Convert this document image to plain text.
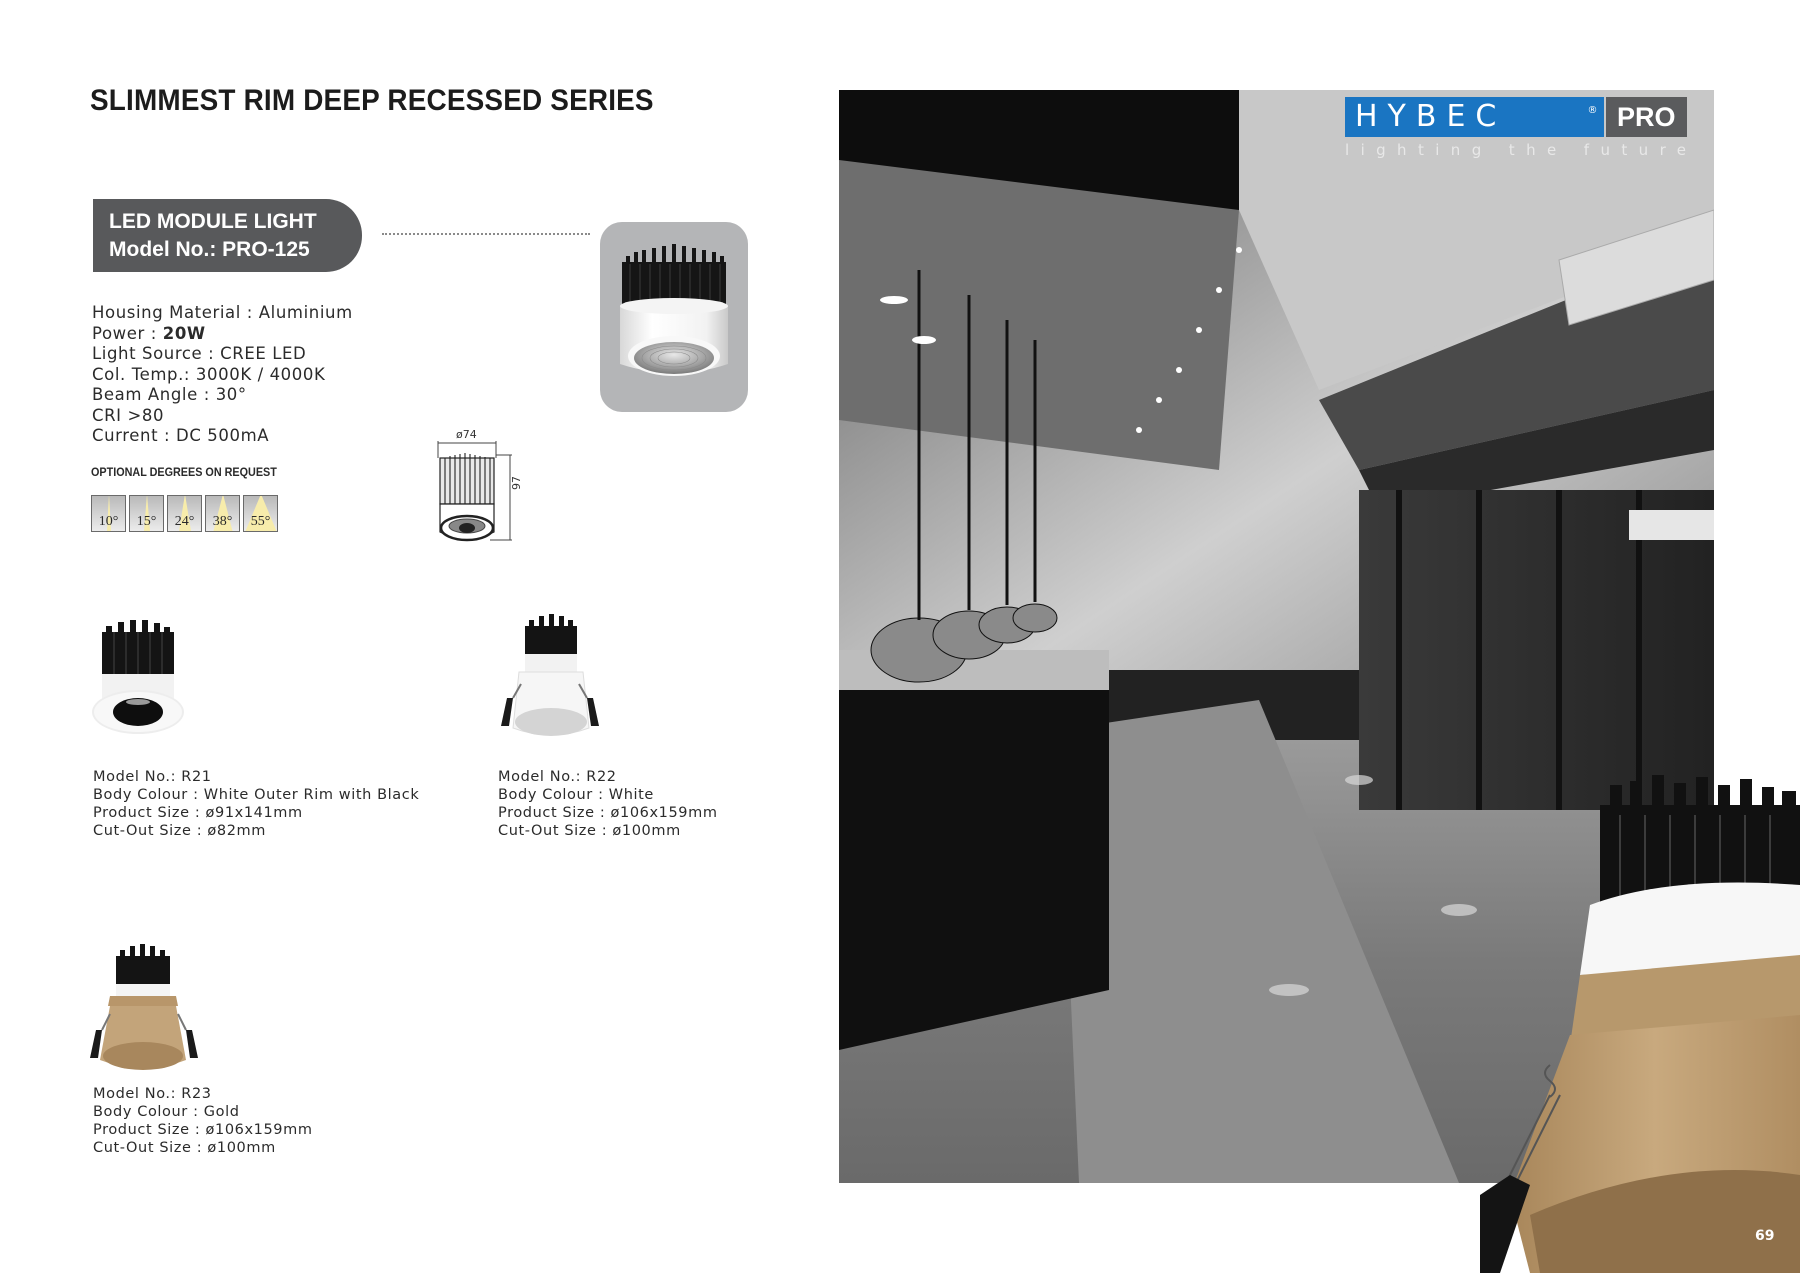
SLIMMEST RIM DEEP RECESSED SERIES
LED MODULE LIGHT
Model No.: PRO-125
Housing Material : Aluminium
Power : 20W
Light Source : CREE LED
Col. Temp.: 3000K / 4000K
Beam Angle : 30°
CRI >80
Current : DC 500mA
OPTIONAL DEGREES ON REQUEST
10°	15°	24°	38°	55°
ø74
97
Model No.: R21
Body Colour : White Outer Rim with Black
Product Size : ø91x141mm
Cut-Out Size : ø82mm
Model No.: R22
Body Colour : White
Product Size : ø106x159mm
Cut-Out Size : ø100mm
Model No.: R23
Body Colour : Gold
Product Size : ø106x159mm
Cut-Out Size : ø100mm
HYBEC	® PRO
lighting the future
69
